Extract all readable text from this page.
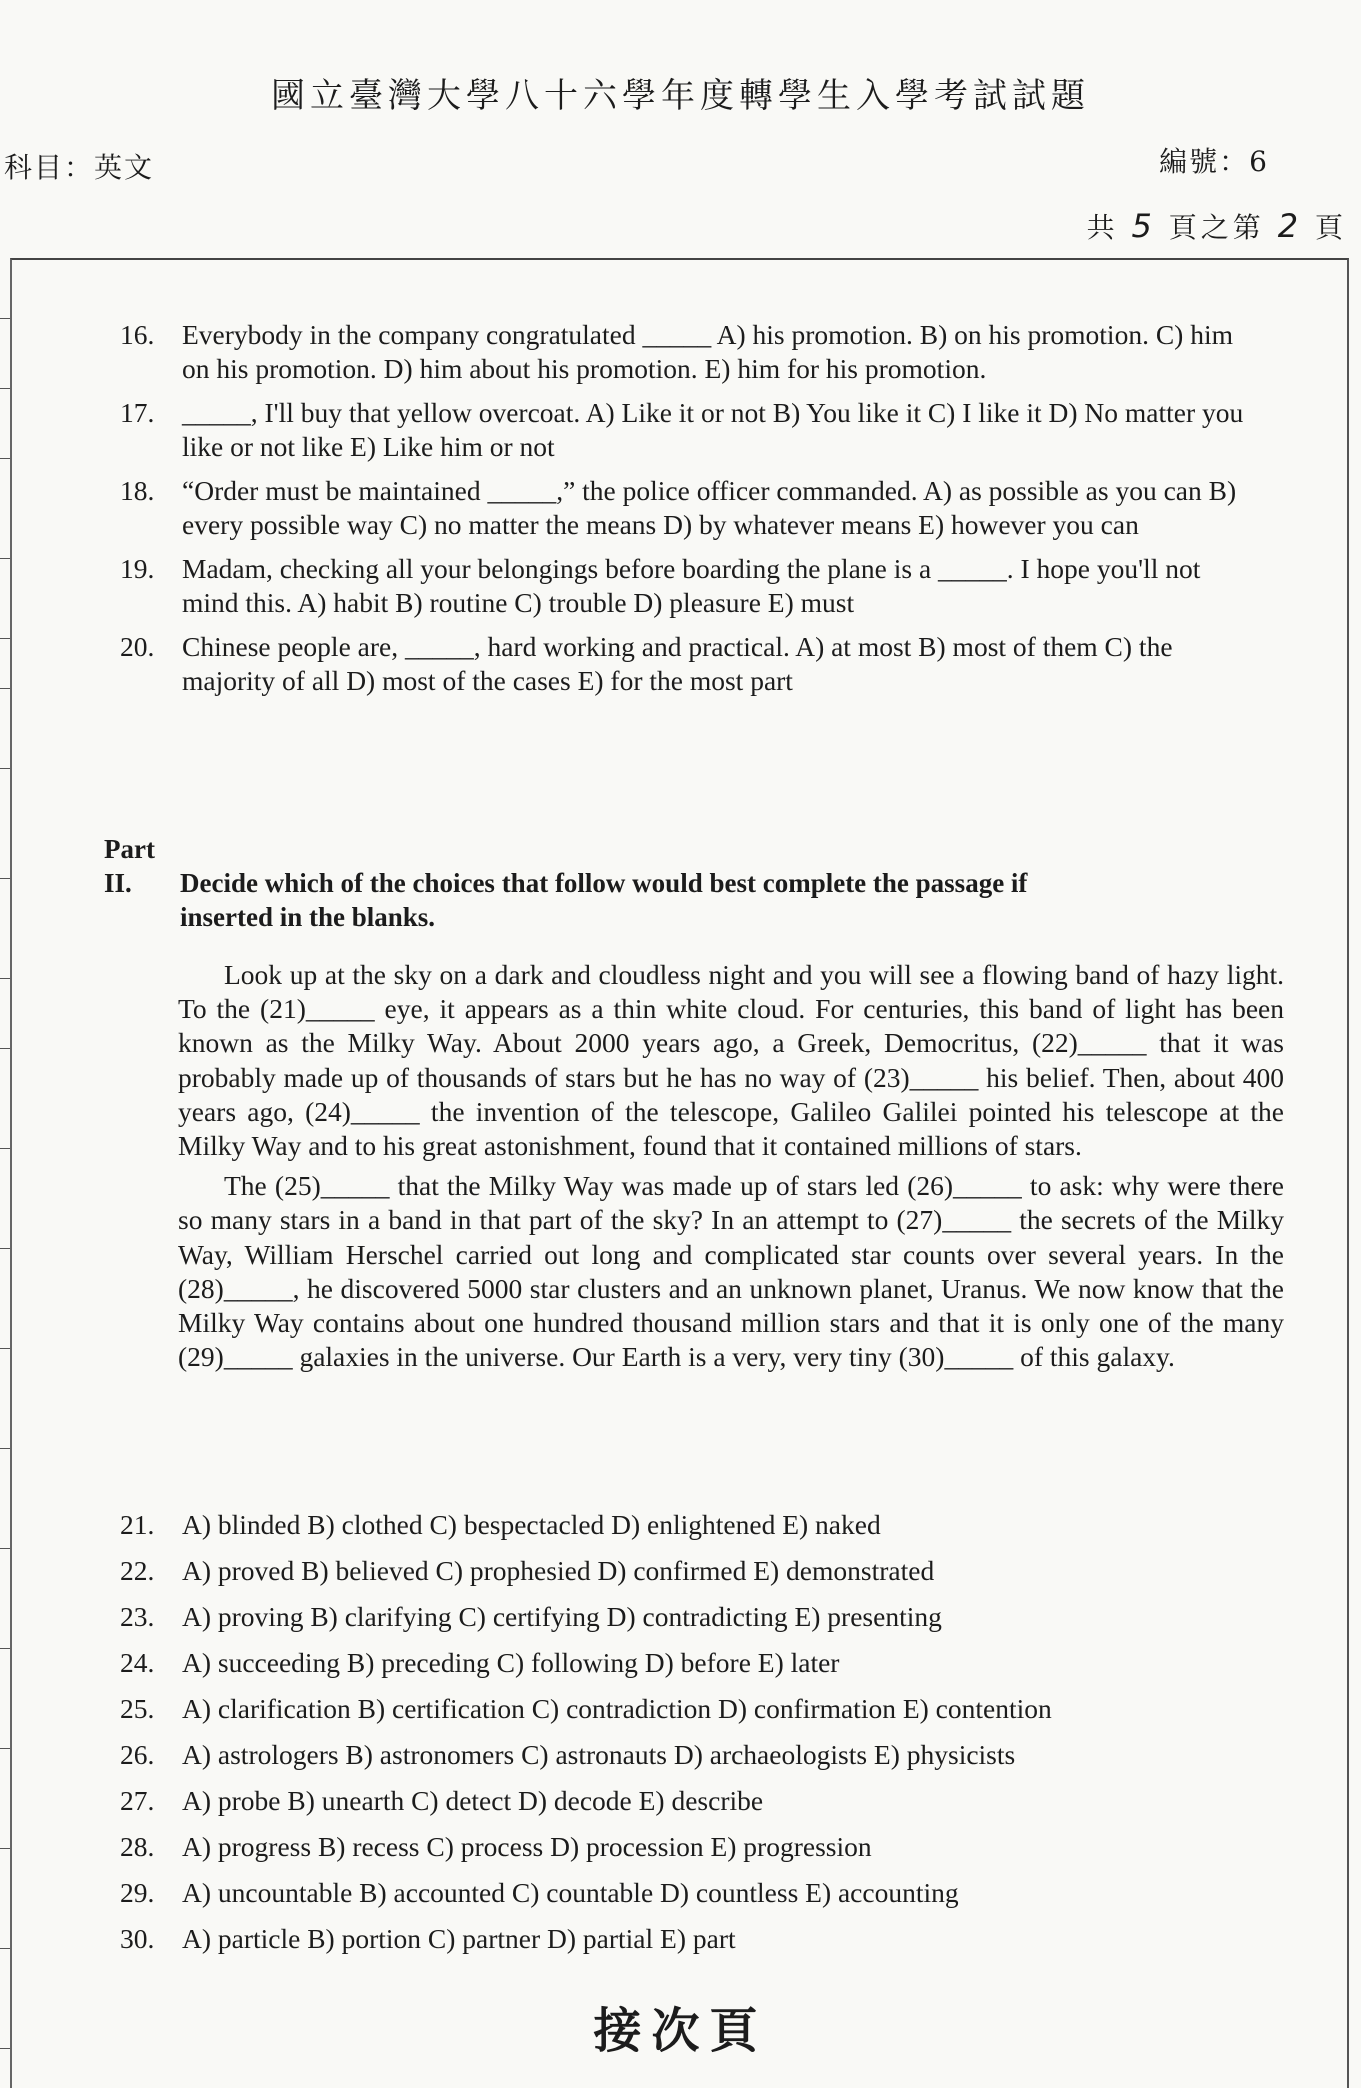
國立臺灣大學八十六學年度轉學生入學考試試題
科目：英文	編號：6
共 5 頁之第 2 頁
16.	Everybody in the company congratulated _____ A) his promotion. B) on his promotion. C) him on his promotion. D) him about his promotion. E) him for his promotion.
17.	_____, I'll buy that yellow overcoat. A) Like it or not B) You like it C) I like it D) No matter you like or not like E) Like him or not
18.	“Order must be maintained _____,” the police officer commanded. A) as possible as you can B) every possible way C) no matter the means D) by whatever means E) however you can
19.	Madam, checking all your belongings before boarding the plane is a _____. I hope you'll not mind this. A) habit B) routine C) trouble D) pleasure E) must
20.	Chinese people are, _____, hard working and practical. A) at most B) most of them C) the majority of all D) most of the cases E) for the most part
Part II. Decide which of the choices that follow would best complete the passage if
inserted in the blanks.

Look up at the sky on a dark and cloudless night and you will see a flowing band of hazy light. To the (21)_____ eye, it appears as a thin white cloud. For centuries, this band of light has been known as the Milky Way. About 2000 years ago, a Greek, Democritus, (22)_____ that it was probably made up of thousands of stars but he has no way of (23)_____ his belief. Then, about 400 years ago, (24)_____ the invention of the telescope, Galileo Galilei pointed his telescope at the Milky Way and to his great astonishment, found that it contained millions of stars.

The (25)_____ that the Milky Way was made up of stars led (26)_____ to ask: why were there so many stars in a band in that part of the sky? In an attempt to (27)_____ the secrets of the Milky Way, William Herschel carried out long and complicated star counts over several years. In the (28)_____, he discovered 5000 star clusters and an unknown planet, Uranus. We now know that the Milky Way contains about one hundred thousand million stars and that it is only one of the many (29)_____ galaxies in the universe. Our Earth is a very, very tiny (30)_____ of this galaxy.

21.	A) blinded B) clothed C) bespectacled D) enlightened E) naked
22.	A) proved B) believed C) prophesied D) confirmed E) demonstrated
23.	A) proving B) clarifying C) certifying D) contradicting E) presenting
24.	A) succeeding B) preceding C) following D) before E) later
25.	A) clarification B) certification C) contradiction D) confirmation E) contention
26.	A) astrologers B) astronomers C) astronauts D) archaeologists E) physicists
27.	A) probe B) unearth C) detect D) decode E) describe
28.	A) progress B) recess C) process D) procession E) progression
29.	A) uncountable B) accounted C) countable D) countless E) accounting
30.	A) particle B) portion C) partner D) partial E) part
接次頁
